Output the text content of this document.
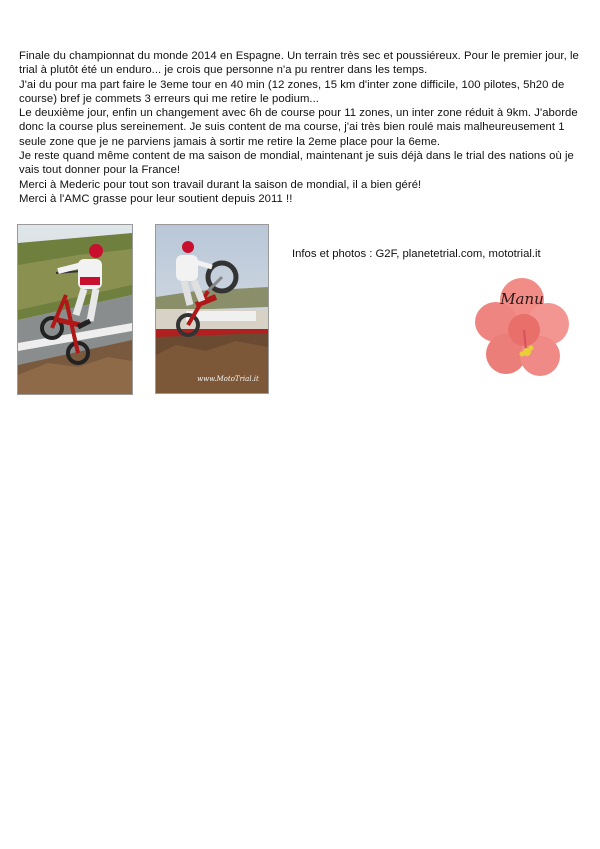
Finale du championnat du monde 2014 en Espagne. Un terrain très sec et poussiéreux. Pour le premier jour, le trial à plutôt été un enduro... je crois que personne n'a pu rentrer dans les temps.

J'ai du pour ma part faire le 3eme tour en 40 min (12 zones, 15 km d'inter zone difficile, 100 pilotes, 5h20 de course) bref je commets 3 erreurs qui me retire le podium...

Le deuxième jour, enfin un changement avec 6h de course pour 11 zones, un inter zone réduit à 9km. J'aborde donc la course plus sereinement. Je suis content de ma course, j'ai très bien roulé mais malheureusement 1 seule zone que je ne parviens jamais à sortir me retire la 2eme place pour la 6eme.

Je reste quand même content de ma saison de mondial, maintenant je suis déjà dans le trial des nations où je vais tout donner pour la France!

Merci à Mederic pour tout son travail durant la saison de mondial, il a bien géré!

Merci à l'AMC grasse pour leur soutient depuis 2011 !!

www.MotoTrial.it
Infos et photos : G2F, planetetrial.com, mototrial.it
Manu
